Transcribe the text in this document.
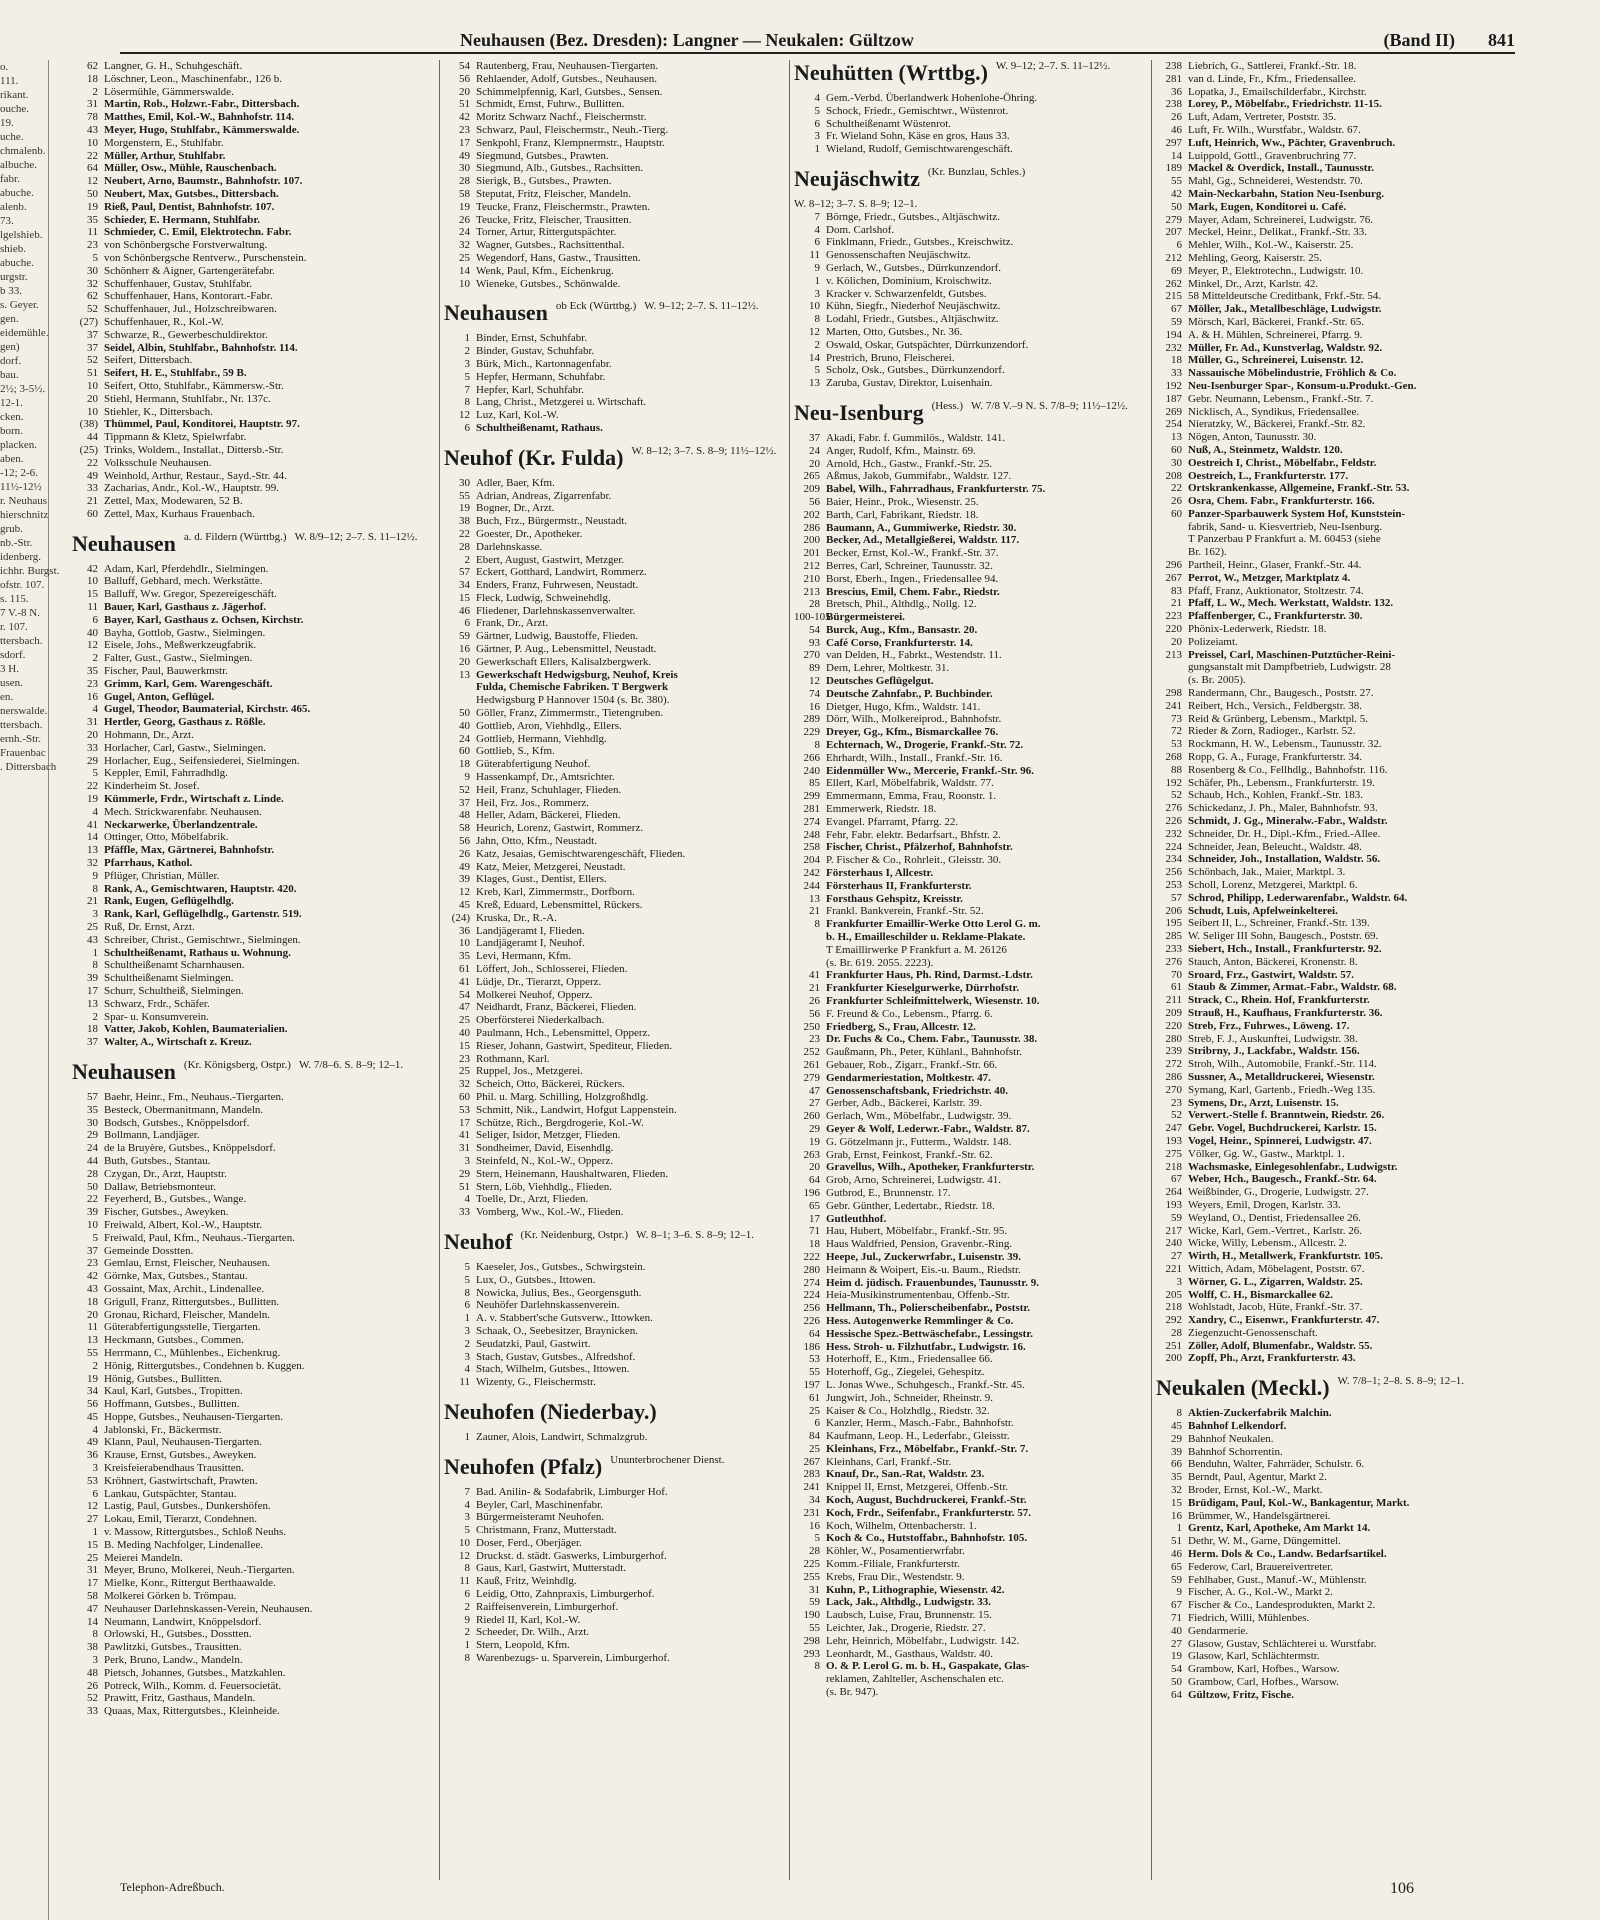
Neuhausen (Bez. Dresden): Langner — Neukalen: Gültzow	(Band II) 841
o.
111.
rikant.
ouche.
19.
uche.
chmalenb.
albuche.
fabr.
abuche.
alenb.
73.
lgelshieb.
shieb.
abuche.
urgstr.
b 33.
s. Geyer.
gen.
eidemühle.
gen)
dorf.
bau.
2½; 3-5½.
12-1.
cken.
born.
placken.
aben.
-12; 2-6.
11½-12½
r. Neuhaus
hierschnitz
grub.
nb.-Str.
idenberg.
ichhr. Burgst.
ofstr. 107.
s. 115.
7 V.-8 N.
r. 107.
ttersbach.
sdorf.
3 H.
usen.
en.
nerswalde.
ttersbach.
ernh.-Str.
Frauenbac
. Dittersbach
62 Langner, G. H., Schuhgeschäft.
18 Löschner, Leon., Maschinenfabr., 126 b.
2 Lösermühle, Gämmerswalde.
31 Martin, Rob., Holzwr.-Fabr., Dittersbach.
78 Matthes, Emil, Kol.-W., Bahnhofstr. 114.
43 Meyer, Hugo, Stuhlfabr., Kämmerswalde.
10 Morgenstern, E., Stuhlfabr.
22 Müller, Arthur, Stuhlfabr.
64 Müller, Osw., Mühle, Rauschenbach.
12 Neubert, Arno, Baumstr., Bahnhofstr. 107.
50 Neubert, Max, Gutsbes., Dittersbach.
19 Rieß, Paul, Dentist, Bahnhofstr. 107.
35 Schieder, E. Hermann, Stuhlfabr.
11 Schmieder, C. Emil, Elektrotechn. Fabr.
23 von Schönbergsche Forstverwaltung.
5 von Schönbergsche Rentverw., Purschenstein.
30 Schönherr & Aigner, Gartengerätefabr.
32 Schuffenhauer, Gustav, Stuhlfabr.
62 Schuffenhauer, Hans, Kontorart.-Fabr.
52 Schuffenhauer, Jul., Holzschreibwaren.
(27) Schuffenhauer, R., Kol.-W.
37 Schwarze, R., Gewerbeschuldirektor.
37 Seidel, Albin, Stuhlfabr., Bahnhofstr. 114.
52 Seifert, Dittersbach.
51 Seifert, H. E., Stuhlfabr., 59 B.
10 Seifert, Otto, Stuhlfabr., Kämmersw.-Str.
20 Stiehl, Hermann, Stuhlfabr., Nr. 137c.
10 Stiehler, K., Dittersbach.
(38) Thümmel, Paul, Konditorei, Hauptstr. 97.
44 Tippmann & Kletz, Spielwrfabr.
(25) Trinks, Woldem., Installat., Dittersb.-Str.
22 Volksschule Neuhausen.
49 Weinhold, Arthur, Restaur., Sayd.-Str. 44.
33 Zacharias, Andr., Kol.-W., Hauptstr. 99.
21 Zettel, Max, Modewaren, 52 B.
60 Zettel, Max, Kurhaus Frauenbach.
Neuhausen a. d. Fildern (Württbg.) W. 8/9–12; 2–7. S. 11–12½.
42 Adam, Karl, Pferdehdlr., Sielmingen.
10 Balluff, Gebhard, mech. Werkstätte.
15 Balluff, Ww. Gregor, Spezereigeschäft.
11 Bauer, Karl, Gasthaus z. Jägerhof.
6 Bayer, Karl, Gasthaus z. Ochsen, Kirchstr.
40 Bayha, Gottlob, Gastw., Sielmingen.
12 Eisele, Johs., Meßwerkzeugfabrik.
2 Falter, Gust., Gastw., Sielmingen.
35 Fischer, Paul, Bauwerkmstr.
23 Grimm, Karl, Gem. Warengeschäft.
16 Gugel, Anton, Geflügel.
4 Gugel, Theodor, Baumaterial, Kirchstr. 465.
31 Hertler, Georg, Gasthaus z. Rößle.
20 Hohmann, Dr., Arzt.
33 Horlacher, Carl, Gastw., Sielmingen.
29 Horlacher, Eug., Seifensiederei, Sielmingen.
5 Keppler, Emil, Fahrradhdlg.
22 Kinderheim St. Josef.
19 Kümmerle, Frdr., Wirtschaft z. Linde.
4 Mech. Strickwarenfabr. Neuhausen.
41 Neckarwerke, Überlandzentrale.
14 Ottinger, Otto, Möbelfabrik.
13 Pfäffle, Max, Gärtnerei, Bahnhofstr.
32 Pfarrhaus, Kathol.
9 Pflüger, Christian, Müller.
8 Rank, A., Gemischtwaren, Hauptstr. 420.
21 Rank, Eugen, Geflügelhdlg.
3 Rank, Karl, Geflügelhdlg., Gartenstr. 519.
25 Ruß, Dr. Ernst, Arzt.
43 Schreiber, Christ., Gemischtwr., Sielmingen.
1 Schultheißenamt, Rathaus u. Wohnung.
8 Schultheißenamt Scharnhausen.
39 Schultheißenamt Sielmingen.
17 Schurr, Schultheiß, Sielmingen.
13 Schwarz, Frdr., Schäfer.
2 Spar- u. Konsumverein.
18 Vatter, Jakob, Kohlen, Baumaterialien.
37 Walter, A., Wirtschaft z. Kreuz.
Neuhausen (Kr. Königsberg, Ostpr.) W. 7/8–6. S. 8–9; 12–1.
57 Baehr, Heinr., Fm., Neuhaus.-Tiergarten.
35 Besteck, Obermanitmann, Mandeln.
30 Bodsch, Gutsbes., Knöppelsdorf.
29 Bollmann, Landjäger.
24 de la Bruyère, Gutsbes., Knöppelsdorf.
44 Buth, Gutsbes., Stantau.
28 Czygan, Dr., Arzt, Hauptstr.
50 Dallaw, Betriebsmonteur.
22 Feyerherd, B., Gutsbes., Wange.
39 Fischer, Gutsbes., Aweyken.
10 Freiwald, Albert, Kol.-W., Hauptstr.
5 Freiwald, Paul, Kfm., Neuhaus.-Tiergarten.
37 Gemeinde Dosstten.
23 Gemlau, Ernst, Fleischer, Neuhausen.
42 Görnke, Max, Gutsbes., Stantau.
43 Gossaint, Max, Archit., Lindenallee.
18 Grigull, Franz, Rittergutsbes., Bullitten.
20 Gronau, Richard, Fleischer, Mandeln.
11 Güterabfertigungsstelle, Tiergarten.
13 Heckmann, Gutsbes., Commen.
55 Herrmann, C., Mühlenbes., Eichenkrug.
2 Hönig, Rittergutsbes., Condehnen b. Kuggen.
19 Hönig, Gutsbes., Bullitten.
34 Kaul, Karl, Gutsbes., Tropitten.
56 Hoffmann, Gutsbes., Bullitten.
45 Hoppe, Gutsbes., Neuhausen-Tiergarten.
4 Jablonski, Fr., Bäckermstr.
49 Klann, Paul, Neuhausen-Tiergarten.
36 Krause, Ernst, Gutsbes., Aweyken.
3 Kreisfeierabendhaus Trausitten.
53 Kröhnert, Gastwirtschaft, Prawten.
6 Lankau, Gutspächter, Stantau.
12 Lastig, Paul, Gutsbes., Dunkershöfen.
27 Lokau, Emil, Tierarzt, Condehnen.
1 v. Massow, Rittergutsbes., Schloß Neuhs.
15 B. Meding Nachfolger, Lindenallee.
25 Meierei Mandeln.
31 Meyer, Bruno, Molkerei, Neuh.-Tiergarten.
17 Mielke, Konr., Rittergut Berthaawalde.
58 Molkerei Görken b. Trömpau.
47 Neuhauser Darlehnskassen-Verein, Neuhausen.
14 Neumann, Landwirt, Knöppelsdorf.
8 Orlowski, H., Gutsbes., Dosstten.
38 Pawlitzki, Gutsbes., Trausitten.
3 Perk, Bruno, Landw., Mandeln.
48 Pietsch, Johannes, Gutsbes., Matzkahlen.
26 Potreck, Wilh., Komm. d. Feuersocietät.
52 Prawitt, Fritz, Gasthaus, Mandeln.
33 Quaas, Max, Rittergutsbes., Kleinheide.
54 Rautenberg, Frau, Neuhausen-Tiergarten.
56 Rehlaender, Adolf, Gutsbes., Neuhausen.
20 Schimmelpfennig, Karl, Gutsbes., Sensen.
51 Schmidt, Ernst, Fuhrw., Bullitten.
42 Moritz Schwarz Nachf., Fleischermstr.
23 Schwarz, Paul, Fleischermstr., Neuh.-Tierg.
17 Senkpohl, Franz, Klempnermstr., Hauptstr.
49 Siegmund, Gutsbes., Prawten.
30 Siegmund, Alb., Gutsbes., Rachsitten.
28 Sierigk, B., Gutsbes., Prawten.
58 Steputat, Fritz, Fleischer, Mandeln.
19 Teucke, Franz, Fleischermstr., Prawten.
26 Teucke, Fritz, Fleischer, Trausitten.
24 Torner, Artur, Rittergutspächter.
32 Wagner, Gutsbes., Rachsittenthal.
25 Wegendorf, Hans, Gastw., Trausitten.
14 Wenk, Paul, Kfm., Eichenkrug.
10 Wieneke, Gutsbes., Schönwalde.
Neuhausen ob Eck (Württbg.) W. 9–12; 2–7. S. 11–12½.
1 Binder, Ernst, Schuhfabr.
2 Binder, Gustav, Schuhfabr.
3 Bürk, Mich., Kartonnagenfabr.
5 Hepfer, Hermann, Schuhfabr.
7 Hepfer, Karl, Schuhfabr.
8 Lang, Christ., Metzgerei u. Wirtschaft.
12 Luz, Karl, Kol.-W.
6 Schultheißenamt, Rathaus.
Neuhof (Kr. Fulda) W. 8–12; 3–7. S. 8–9; 11½–12½.
30 Adler, Baer, Kfm.
55 Adrian, Andreas, Zigarrenfabr.
19 Bogner, Dr., Arzt.
38 Buch, Frz., Bürgermstr., Neustadt.
22 Goester, Dr., Apotheker.
28 Darlehnskasse.
2 Ebert, August, Gastwirt, Metzger.
57 Eckert, Gotthard, Landwirt, Rommerz.
34 Enders, Franz, Fuhrwesen, Neustadt.
15 Fleck, Ludwig, Schweinehdlg.
46 Fliedener, Darlehnskassenverwalter.
6 Frank, Dr., Arzt.
59 Gärtner, Ludwig, Baustoffe, Flieden.
16 Gärtner, P. Aug., Lebensmittel, Neustadt.
20 Gewerkschaft Ellers, Kalisalzbergwerk.
13 Gewerkschaft Hedwigsburg, Neuhof, Kreis
Fulda, Chemische Fabriken. T Bergwerk
Hedwigsburg P Hannover 1504 (s. Br. 380).
50 Göller, Franz, Zimmermstr., Tietengruben.
40 Gottlieb, Aron, Viehhdlg., Ellers.
24 Gottlieb, Hermann, Viehhdlg.
60 Gottlieb, S., Kfm.
18 Güterabfertigung Neuhof.
9 Hassenkampf, Dr., Amtsrichter.
52 Heil, Franz, Schuhlager, Flieden.
37 Heil, Frz. Jos., Rommerz.
48 Heller, Adam, Bäckerei, Flieden.
58 Heurich, Lorenz, Gastwirt, Rommerz.
56 Jahn, Otto, Kfm., Neustadt.
26 Katz, Jesaias, Gemischtwarengeschäft, Flieden.
49 Katz, Meier, Metzgerei, Neustadt.
39 Klages, Gust., Dentist, Ellers.
12 Kreb, Karl, Zimmermstr., Dorfborn.
45 Kreß, Eduard, Lebensmittel, Rückers.
(24) Kruska, Dr., R.-A.
36 Landjägeramt I, Flieden.
10 Landjägeramt I, Neuhof.
35 Levi, Hermann, Kfm.
61 Löffert, Joh., Schlosserei, Flieden.
41 Lüdje, Dr., Tierarzt, Opperz.
54 Molkerei Neuhof, Opperz.
47 Neidhardt, Franz, Bäckerei, Flieden.
25 Oberförsterei Niederkalbach.
40 Paulmann, Hch., Lebensmittel, Opperz.
15 Rieser, Johann, Gastwirt, Spediteur, Flieden.
23 Rothmann, Karl.
25 Ruppel, Jos., Metzgerei.
32 Scheich, Otto, Bäckerei, Rückers.
60 Phil. u. Marg. Schilling, Holzgroßhdlg.
53 Schmitt, Nik., Landwirt, Hofgut Lappenstein.
17 Schütze, Rich., Bergdrogerie, Kol.-W.
41 Seliger, Isidor, Metzger, Flieden.
31 Sondheimer, David, Eisenhdlg.
3 Steinfeld, N., Kol.-W., Opperz.
29 Stern, Heinemann, Haushaltwaren, Flieden.
51 Stern, Löb, Viehhdlg., Flieden.
4 Toelle, Dr., Arzt, Flieden.
33 Vomberg, Ww., Kol.-W., Flieden.
Neuhof (Kr. Neidenburg, Ostpr.) W. 8–1; 3–6. S. 8–9; 12–1.
5 Kaeseler, Jos., Gutsbes., Schwirgstein.
5 Lux, O., Gutsbes., Ittowen.
8 Nowicka, Julius, Bes., Georgensguth.
6 Neuhöfer Darlehnskassenverein.
1 A. v. Stabbert'sche Gutsverw., Ittowken.
3 Schaak, O., Seebesitzer, Braynicken.
2 Seudatzki, Paul, Gastwirt.
3 Stach, Gustav, Gutsbes., Alfredshof.
4 Stach, Wilhelm, Gutsbes., Ittowen.
11 Wizenty, G., Fleischermstr.
Neuhofen (Niederbay.)
1 Zauner, Alois, Landwirt, Schmalzgrub.
Neuhofen (Pfalz) Ununterbrochener Dienst.
7 Bad. Anilin- & Sodafabrik, Limburger Hof.
4 Beyler, Carl, Maschinenfabr.
3 Bürgermeisteramt Neuhofen.
5 Christmann, Franz, Mutterstadt.
10 Doser, Ferd., Oberjäger.
12 Druckst. d. städt. Gaswerks, Limburgerhof.
8 Gaus, Karl, Gastwirt, Mutterstadt.
11 Kauß, Fritz, Weinhdlg.
6 Leidig, Otto, Zahnpraxis, Limburgerhof.
2 Raiffeisenverein, Limburgerhof.
9 Riedel II, Karl, Kol.-W.
2 Scheeder, Dr. Wilh., Arzt.
1 Stern, Leopold, Kfm.
8 Warenbezugs- u. Sparverein, Limburgerhof.
Neuhütten (Wrttbg.) W. 9–12; 2–7. S. 11–12½.
4 Gem.-Verbd. Überlandwerk Hohenlohe-Öhring.
5 Schock, Friedr., Gemischtwr., Wüstenrot.
6 Schultheißenamt Wüstenrot.
3 Fr. Wieland Sohn, Käse en gros, Haus 33.
1 Wieland, Rudolf, Gemischtwarengeschäft.
Neujäschwitz (Kr. Bunzlau, Schles.)
W. 8–12; 3–7. S. 8–9; 12–1.
7 Börnge, Friedr., Gutsbes., Altjäschwitz.
4 Dom. Carlshof.
6 Finklmann, Friedr., Gutsbes., Kreischwitz.
11 Genossenschaften Neujäschwitz.
9 Gerlach, W., Gutsbes., Dürrkunzendorf.
1 v. Kölichen, Dominium, Kroischwitz.
3 Kracker v. Schwarzenfeldt, Gutsbes.
10 Kühn, Siegfr., Niederhof Neujäschwitz.
8 Lodahl, Friedr., Gutsbes., Altjäschwitz.
12 Marten, Otto, Gutsbes., Nr. 36.
2 Oswald, Oskar, Gutspächter, Dürrkunzendorf.
14 Prestrich, Bruno, Fleischerei.
5 Scholz, Osk., Gutsbes., Dürrkunzendorf.
13 Zaruba, Gustav, Direktor, Luisenhain.
Neu-Isenburg (Hess.) W. 7/8 V.–9 N. S. 7/8–9; 11½–12½.
37 Akadi, Fabr. f. Gummilös., Waldstr. 141.
24 Anger, Rudolf, Kfm., Mainstr. 69.
20 Arnold, Hch., Gastw., Frankf.-Str. 25.
265 Aßmus, Jakob, Gummifabr., Waldstr. 127.
209 Babel, Wilh., Fahrradhaus, Frankfurterstr. 75.
56 Baier, Heinr., Prok., Wiesenstr. 25.
202 Barth, Carl, Fabrikant, Riedstr. 18.
286 Baumann, A., Gummiwerke, Riedstr. 30.
200 Becker, Ad., Metallgießerei, Waldstr. 117.
201 Becker, Ernst, Kol.-W., Frankf.-Str. 37.
212 Berres, Carl, Schreiner, Taunusstr. 32.
210 Borst, Eberh., Ingen., Friedensallee 94.
213 Brescius, Emil, Chem. Fabr., Riedstr.
28 Bretsch, Phil., Althdlg., Nollg. 12.
100-105
Bürgermeisterei.
54 Burck, Aug., Kfm., Bansastr. 20.
93 Café Corso, Frankfurterstr. 14.
270 van Delden, H., Fabrkt., Westendstr. 11.
89 Dern, Lehrer, Moltkestr. 31.
12 Deutsches Geflügelgut.
74 Deutsche Zahnfabr., P. Buchbinder.
16 Dietger, Hugo, Kfm., Waldstr. 141.
289 Dörr, Wilh., Molkereiprod., Bahnhofstr.
229 Dreyer, Gg., Kfm., Bismarckallee 76.
8 Echternach, W., Drogerie, Frankf.-Str. 72.
266 Ehrhardt, Wilh., Install., Frankf.-Str. 16.
240 Eidenmüller Ww., Mercerie, Frankf.-Str. 96.
85 Ellert, Karl, Möbelfabrik, Waldstr. 77.
299 Emmermann, Emma, Frau, Roonstr. 1.
281 Emmerwerk, Riedstr. 18.
274 Evangel. Pfarramt, Pfarrg. 22.
248 Fehr, Fabr. elektr. Bedarfsart., Bhfstr. 2.
258 Fischer, Christ., Pfälzerhof, Bahnhofstr.
204 P. Fischer & Co., Rohrleit., Gleisstr. 30.
242 Försterhaus I, Allcestr.
244 Försterhaus II, Frankfurterstr.
13 Forsthaus Gehspitz, Kreisstr.
21 Frankl. Bankverein, Frankf.-Str. 52.
8 Frankfurter Emaillir-Werke Otto Lerol G. m.
b. H., Emailleschilder u. Reklame-Plakate.
T Emaillirwerke P Frankfurt a. M. 26126
(s. Br. 619. 2055. 2223).
41 Frankfurter Haus, Ph. Rind, Darmst.-Ldstr.
21 Frankfurter Kieselgurwerke, Dürrhofstr.
26 Frankfurter Schleifmittelwerk, Wiesenstr. 10.
56 F. Freund & Co., Lebensm., Pfarrg. 6.
250 Friedberg, S., Frau, Allcestr. 12.
23 Dr. Fuchs & Co., Chem. Fabr., Taunusstr. 38.
252 Gaußmann, Ph., Peter, Kühlanl., Bahnhofstr.
261 Gebauer, Rob., Zigarr., Frankf.-Str. 66.
279 Gendarmeriestation, Moltkestr. 47.
47 Genossenschaftsbank, Friedrichstr. 40.
27 Gerber, Adb., Bäckerei, Karlstr. 39.
260 Gerlach, Wm., Möbelfabr., Ludwigstr. 39.
29 Geyer & Wolf, Lederwr.-Fabr., Waldstr. 87.
19 G. Götzelmann jr., Futterm., Waldstr. 148.
263 Grab, Ernst, Feinkost, Frankf.-Str. 62.
20 Gravellus, Wilh., Apotheker, Frankfurterstr.
64 Grob, Arno, Schreinerei, Ludwigstr. 41.
196 Gutbrod, E., Brunnenstr. 17.
65 Gebr. Günther, Ledertabr., Riedstr. 18.
17 Gutleuthhof.
71 Hau, Hubert, Möbelfabr., Frankf.-Str. 95.
18 Haus Waldfried, Pension, Gravenbr.-Ring.
222 Heepe, Jul., Zuckerwrfabr., Luisenstr. 39.
280 Heimann & Woipert, Eis.-u. Baum., Riedstr.
274 Heim d. jüdisch. Frauenbundes, Taunusstr. 9.
224 Heia-Musikinstrumentenbau, Offenb.-Str.
256 Hellmann, Th., Polierscheibenfabr., Poststr.
226 Hess. Autogenwerke Remmlinger & Co.
64 Hessische Spez.-Bettwäschefabr., Lessingstr.
186 Hess. Stroh- u. Filzhutfabr., Ludwigstr. 16.
53 Hoterhoff, E., Ktm., Friedensallee 66.
55 Hoterhoff, Gg., Ziegelei, Gehespitz.
197 L. Jonas Wwe., Schuhgesch., Frankf.-Str. 45.
61 Jungwirt, Joh., Schneider, Rheinstr. 9.
25 Kaiser & Co., Holzhdlg., Riedstr. 32.
6 Kanzler, Herm., Masch.-Fabr., Bahnhofstr.
84 Kaufmann, Leop. H., Lederfabr., Gleisstr.
25 Kleinhans, Frz., Möbelfabr., Frankf.-Str. 7.
267 Kleinhans, Carl, Frankf.-Str.
283 Knauf, Dr., San.-Rat, Waldstr. 23.
241 Knippel II, Ernst, Metzgerei, Offenb.-Str.
34 Koch, August, Buchdruckerei, Frankf.-Str.
231 Koch, Frdr., Seifenfabr., Frankfurterstr. 57.
16 Koch, Wilhelm, Ottenbacherstr. 1.
5 Koch & Co., Hutstoffabr., Bahnhofstr. 105.
28 Köhler, W., Posamentierwrfabr.
225 Komm.-Filiale, Frankfurterstr.
255 Krebs, Frau Dir., Westendstr. 9.
31 Kuhn, P., Lithographie, Wiesenstr. 42.
59 Lack, Jak., Althdlg., Ludwigstr. 33.
190 Laubsch, Luise, Frau, Brunnenstr. 15.
55 Leichter, Jak., Drogerie, Riedstr. 27.
298 Lehr, Heinrich, Möbelfabr., Ludwigstr. 142.
293 Leonhardt, M., Gasthaus, Waldstr. 40.
8 O. & P. Lerol G. m. b. H., Gaspakate, Glas-
reklamen, Zahlteller, Aschenschalen etc.
(s. Br. 947).
238 Liebrich, G., Sattlerei, Frankf.-Str. 18.
281 van d. Linde, Fr., Kfm., Friedensallee.
36 Lopatka, J., Emailschilderfabr., Kirchstr.
238 Lorey, P., Möbelfabr., Friedrichstr. 11-15.
26 Luft, Adam, Vertreter, Poststr. 35.
46 Luft, Fr. Wilh., Wurstfabr., Waldstr. 67.
297 Luft, Heinrich, Ww., Pächter, Gravenbruch.
14 Luippold, Gottl., Gravenbruchring 77.
189 Mackel & Overdick, Install., Taunusstr.
55 Mahl, Gg., Schneiderei, Westendstr. 70.
42 Main-Neckarbahn, Station Neu-Isenburg.
50 Mark, Eugen, Konditorei u. Café.
279 Mayer, Adam, Schreinerei, Ludwigstr. 76.
207 Meckel, Heinr., Delikat., Frankf.-Str. 33.
6 Mehler, Wilh., Kol.-W., Kaiserstr. 25.
212 Mehling, Georg, Kaiserstr. 25.
69 Meyer, P., Elektrotechn., Ludwigstr. 10.
262 Minkel, Dr., Arzt, Karlstr. 42.
215 58 Mitteldeutsche Creditbank, Frkf.-Str. 54.
67 Möller, Jak., Metallbeschläge, Ludwigstr.
59 Mörsch, Karl, Bäckerei, Frankf.-Str. 65.
194 A. & H. Mühlen, Schreinerei, Pfarrg. 9.
232 Müller, Fr. Ad., Kunstverlag, Waldstr. 92.
18 Müller, G., Schreinerei, Luisenstr. 12.
33 Nassauische Möbelindustrie, Fröhlich & Co.
192 Neu-Isenburger Spar-, Konsum-u.Produkt.-Gen.
187 Gebr. Neumann, Lebensm., Frankf.-Str. 7.
269 Nicklisch, A., Syndikus, Friedensallee.
254 Nieratzky, W., Bäckerei, Frankf.-Str. 82.
13 Nögen, Anton, Taunusstr. 30.
60 Nuß, A., Steinmetz, Waldstr. 120.
30 Oestreich I, Christ., Möbelfabr., Feldstr.
208 Oestreich, L., Frankfurterstr. 177.
22 Ortskrankenkasse, Allgemeine, Frankf.-Str. 53.
26 Osra, Chem. Fabr., Frankfurterstr. 166.
60 Panzer-Sparbauwerk System Hof, Kunststein-
fabrik, Sand- u. Kiesvertrieb, Neu-Isenburg.
T Panzerbau P Frankfurt a. M. 60453 (siehe
Br. 162).
296 Partheil, Heinr., Glaser, Frankf.-Str. 44.
267 Perrot, W., Metzger, Marktplatz 4.
83 Pfaff, Franz, Auktionator, Stoltzestr. 74.
21 Pfaff, L. W., Mech. Werkstatt, Waldstr. 132.
223 Pfaffenberger, C., Frankfurterstr. 30.
220 Phönix-Lederwerk, Riedstr. 18.
20 Polizeiamt.
213 Preissel, Carl, Maschinen-Putztücher-Reini-
gungsanstalt mit Dampfbetrieb, Ludwigstr. 28
(s. Br. 2005).
298 Randermann, Chr., Baugesch., Poststr. 27.
241 Reibert, Hch., Versich., Feldbergstr. 38.
73 Reid & Grünberg, Lebensm., Marktpl. 5.
72 Rieder & Zorn, Radioger., Karlstr. 52.
53 Rockmann, H. W., Lebensm., Taunusstr. 32.
268 Ropp, G. A., Furage, Frankfurterstr. 34.
88 Rosenberg & Co., Fellhdlg., Bahnhofstr. 116.
192 Schäfer, Ph., Lebensm., Frankfurterstr. 19.
52 Schaub, Hch., Kohlen, Frankf.-Str. 183.
276 Schickedanz, J. Ph., Maler, Bahnhofstr. 93.
226 Schmidt, J. Gg., Mineralw.-Fabr., Waldstr.
232 Schneider, Dr. H., Dipl.-Kfm., Fried.-Allee.
224 Schneider, Jean, Beleucht., Waldstr. 48.
234 Schneider, Joh., Installation, Waldstr. 56.
256 Schönbach, Jak., Maier, Marktpl. 3.
253 Scholl, Lorenz, Metzgerei, Marktpl. 6.
57 Schrod, Philipp, Lederwarenfabr., Waldstr. 64.
206 Schudt, Luis, Apfelweinkelterei.
195 Seibert II, L., Schreiner, Frankf.-Str. 139.
285 W. Seliger III Sohn, Baugesch., Poststr. 69.
233 Siebert, Hch., Install., Frankfurterstr. 92.
276 Stauch, Anton, Bäckerei, Kronenstr. 8.
70 Sroard, Frz., Gastwirt, Waldstr. 57.
61 Staub & Zimmer, Armat.-Fabr., Waldstr. 68.
211 Strack, C., Rhein. Hof, Frankfurterstr.
209 Strauß, H., Kaufhaus, Frankfurterstr. 36.
220 Streb, Frz., Fuhrwes., Löweng. 17.
280 Streb, F. J., Auskunftei, Ludwigstr. 38.
239 Stribrny, J., Lackfabr., Waldstr. 156.
272 Stroh, Wilh., Automobile, Frankf.-Str. 114.
286 Sussner, A., Metalldruckerei, Wiesenstr.
270 Symang, Karl, Gartenb., Friedh.-Weg 135.
23 Symens, Dr., Arzt, Luisenstr. 15.
52 Verwert.-Stelle f. Branntwein, Riedstr. 26.
247 Gebr. Vogel, Buchdruckerei, Karlstr. 15.
193 Vogel, Heinr., Spinnerei, Ludwigstr. 47.
275 Völker, Gg. W., Gastw., Marktpl. 1.
218 Wachsmaske, Einlegesohlenfabr., Ludwigstr.
67 Weber, Hch., Baugesch., Frankf.-Str. 64.
264 Weißbinder, G., Drogerie, Ludwigstr. 27.
193 Weyers, Emil, Drogen, Karlstr. 33.
59 Weyland, O., Dentist, Friedensallee 26.
217 Wicke, Karl, Gem.-Vertret., Karlstr. 26.
240 Wicke, Willy, Lebensm., Allcestr. 2.
27 Wirth, H., Metallwerk, Frankfurtstr. 105.
221 Wittich, Adam, Möbelagent, Poststr. 67.
3 Wörner, G. L., Zigarren, Waldstr. 25.
205 Wolff, C. H., Bismarckallee 62.
218 Wohlstadt, Jacob, Hüte, Frankf.-Str. 37.
292 Xandry, C., Eisenwr., Frankfurterstr. 47.
28 Ziegenzucht-Genossenschaft.
251 Zöller, Adolf, Blumenfabr., Waldstr. 55.
200 Zopff, Ph., Arzt, Frankfurterstr. 43.
Neukalen (Meckl.) W. 7/8–1; 2–8. S. 8–9; 12–1.
8 Aktien-Zuckerfabrik Malchin.
45 Bahnhof Lelkendorf.
29 Bahnhof Neukalen.
39 Bahnhof Schorrentin.
66 Benduhn, Walter, Fahrräder, Schulstr. 6.
35 Berndt, Paul, Agentur, Markt 2.
32 Broder, Ernst, Kol.-W., Markt.
15 Brüdigam, Paul, Kol.-W., Bankagentur, Markt.
16 Brümmer, W., Handelsgärtnerei.
1 Grentz, Karl, Apotheke, Am Markt 14.
51 Dethr, W. M., Garne, Düngemittel.
46 Herm. Dols & Co., Landw. Bedarfsartikel.
65 Federow, Carl, Brauereivertreter.
59 Fehlhaber, Gust., Manuf.-W., Mühlenstr.
9 Fischer, A. G., Kol.-W., Markt 2.
67 Fischer & Co., Landesprodukten, Markt 2.
71 Fiedrich, Willi, Mühlenbes.
40 Gendarmerie.
27 Glasow, Gustav, Schlächterei u. Wurstfabr.
19 Glasow, Karl, Schlächtermstr.
54 Grambow, Karl, Hofbes., Warsow.
50 Grambow, Carl, Hofbes., Warsow.
64 Gültzow, Fritz, Fische.
Telephon-Adreßbuch.	106
